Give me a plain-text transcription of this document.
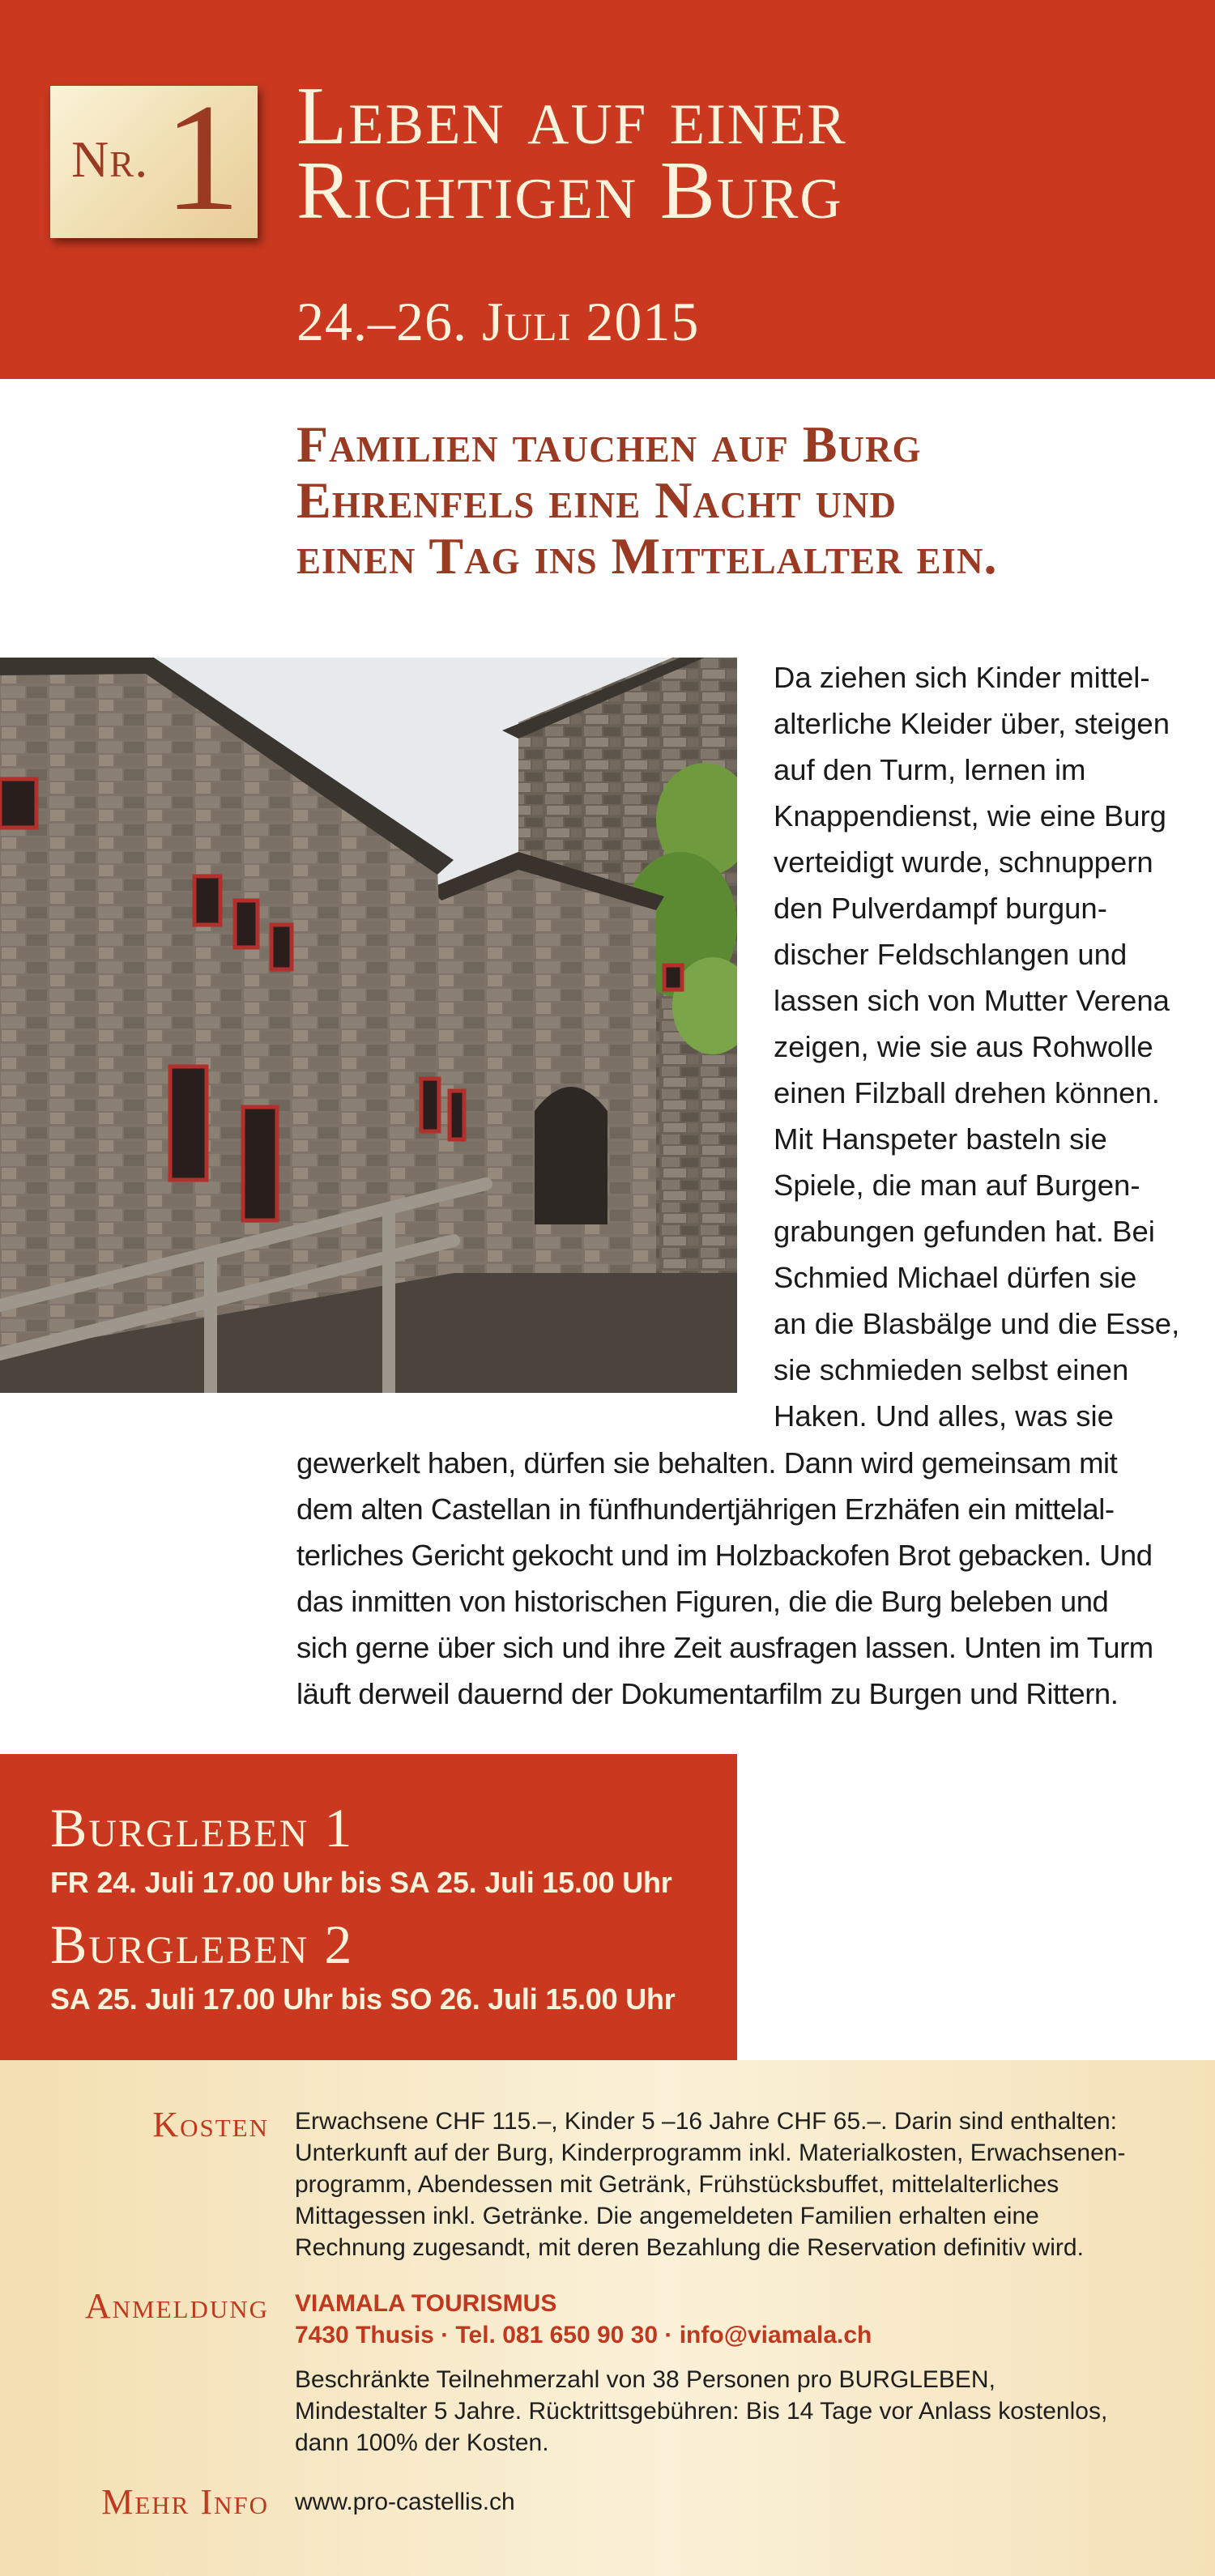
Nr. 1 Leben auf einer
Richtigen Burg
24.–26. Juli 2015
Familien tauchen auf Burg
Ehrenfels eine Nacht und
einen Tag ins Mittelalter ein.
Da ziehen sich Kinder mittel-
alterliche Kleider über, steigen
auf den Turm, lernen im
Knappendienst, wie eine Burg
verteidigt wurde, schnuppern
den Pulverdampf burgun-
discher Feldschlangen und
lassen sich von Mutter Verena
zeigen, wie sie aus Rohwolle
einen Filzball drehen können.
Mit Hanspeter basteln sie
Spiele, die man auf Burgen-
grabungen gefunden hat. Bei
Schmied Michael dürfen sie
an die Blasbälge und die Esse,
sie schmieden selbst einen
Haken. Und alles, was sie
gewerkelt haben, dürfen sie behalten. Dann wird gemeinsam mit
dem alten Castellan in fünfhundertjährigen Erzhäfen ein mittelal-
terliches Gericht gekocht und im Holzbackofen Brot gebacken. Und
das inmitten von historischen Figuren, die die Burg beleben und
sich gerne über sich und ihre Zeit ausfragen lassen. Unten im Turm
läuft derweil dauernd der Dokumentarfilm zu Burgen und Rittern.
Burgleben 1
FR 24. Juli 17.00 Uhr bis SA 25. Juli 15.00 Uhr
Burgleben 2
SA 25. Juli 17.00 Uhr bis SO 26. Juli 15.00 Uhr
Kosten Erwachsene CHF 115.–, Kinder 5 –16 Jahre CHF 65.–. Darin sind enthalten:
Unterkunft auf der Burg, Kinderprogramm inkl. Materialkosten, Erwachsenen-
programm, Abendessen mit Getränk, Frühstücksbuffet, mittelalterliches
Mittagessen inkl. Getränke. Die angemeldeten Familien erhalten eine
Rechnung zugesandt, mit deren Bezahlung die Reservation definitiv wird.
Anmeldung VIAMALA TOURISMUS
7430 Thusis · Tel. 081 650 90 30 · info@viamala.ch
Beschränkte Teilnehmerzahl von 38 Personen pro BURGLEBEN,
Mindestalter 5 Jahre. Rücktrittsgebühren: Bis 14 Tage vor Anlass kostenlos,
dann 100% der Kosten.
Mehr Info www.pro-castellis.ch
